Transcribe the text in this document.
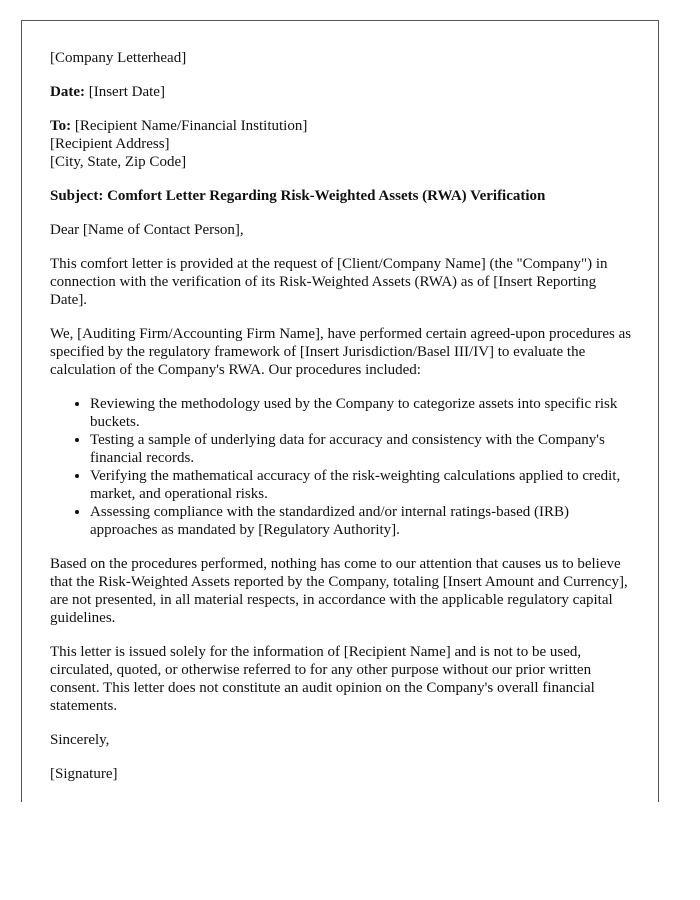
[Company Letterhead]

Date: [Insert Date]

To: [Recipient Name/Financial Institution]
[Recipient Address]
[City, State, Zip Code]

Subject: Comfort Letter Regarding Risk-Weighted Assets (RWA) Verification

Dear [Name of Contact Person],

This comfort letter is provided at the request of [Client/Company Name] (the "Company") in connection with the verification of its Risk-Weighted Assets (RWA) as of [Insert Reporting Date].

We, [Auditing Firm/Accounting Firm Name], have performed certain agreed-upon procedures as specified by the regulatory framework of [Insert Jurisdiction/Basel III/IV] to evaluate the calculation of the Company's RWA. Our procedures included:

• Reviewing the methodology used by the Company to categorize assets into specific risk buckets.
• Testing a sample of underlying data for accuracy and consistency with the Company's financial records.
• Verifying the mathematical accuracy of the risk-weighting calculations applied to credit, market, and operational risks.
• Assessing compliance with the standardized and/or internal ratings-based (IRB) approaches as mandated by [Regulatory Authority].

Based on the procedures performed, nothing has come to our attention that causes us to believe that the Risk-Weighted Assets reported by the Company, totaling [Insert Amount and Currency], are not presented, in all material respects, in accordance with the applicable regulatory capital guidelines.

This letter is issued solely for the information of [Recipient Name] and is not to be used, circulated, quoted, or otherwise referred to for any other purpose without our prior written consent. This letter does not constitute an audit opinion on the Company's overall financial statements.

Sincerely,

[Signature]
